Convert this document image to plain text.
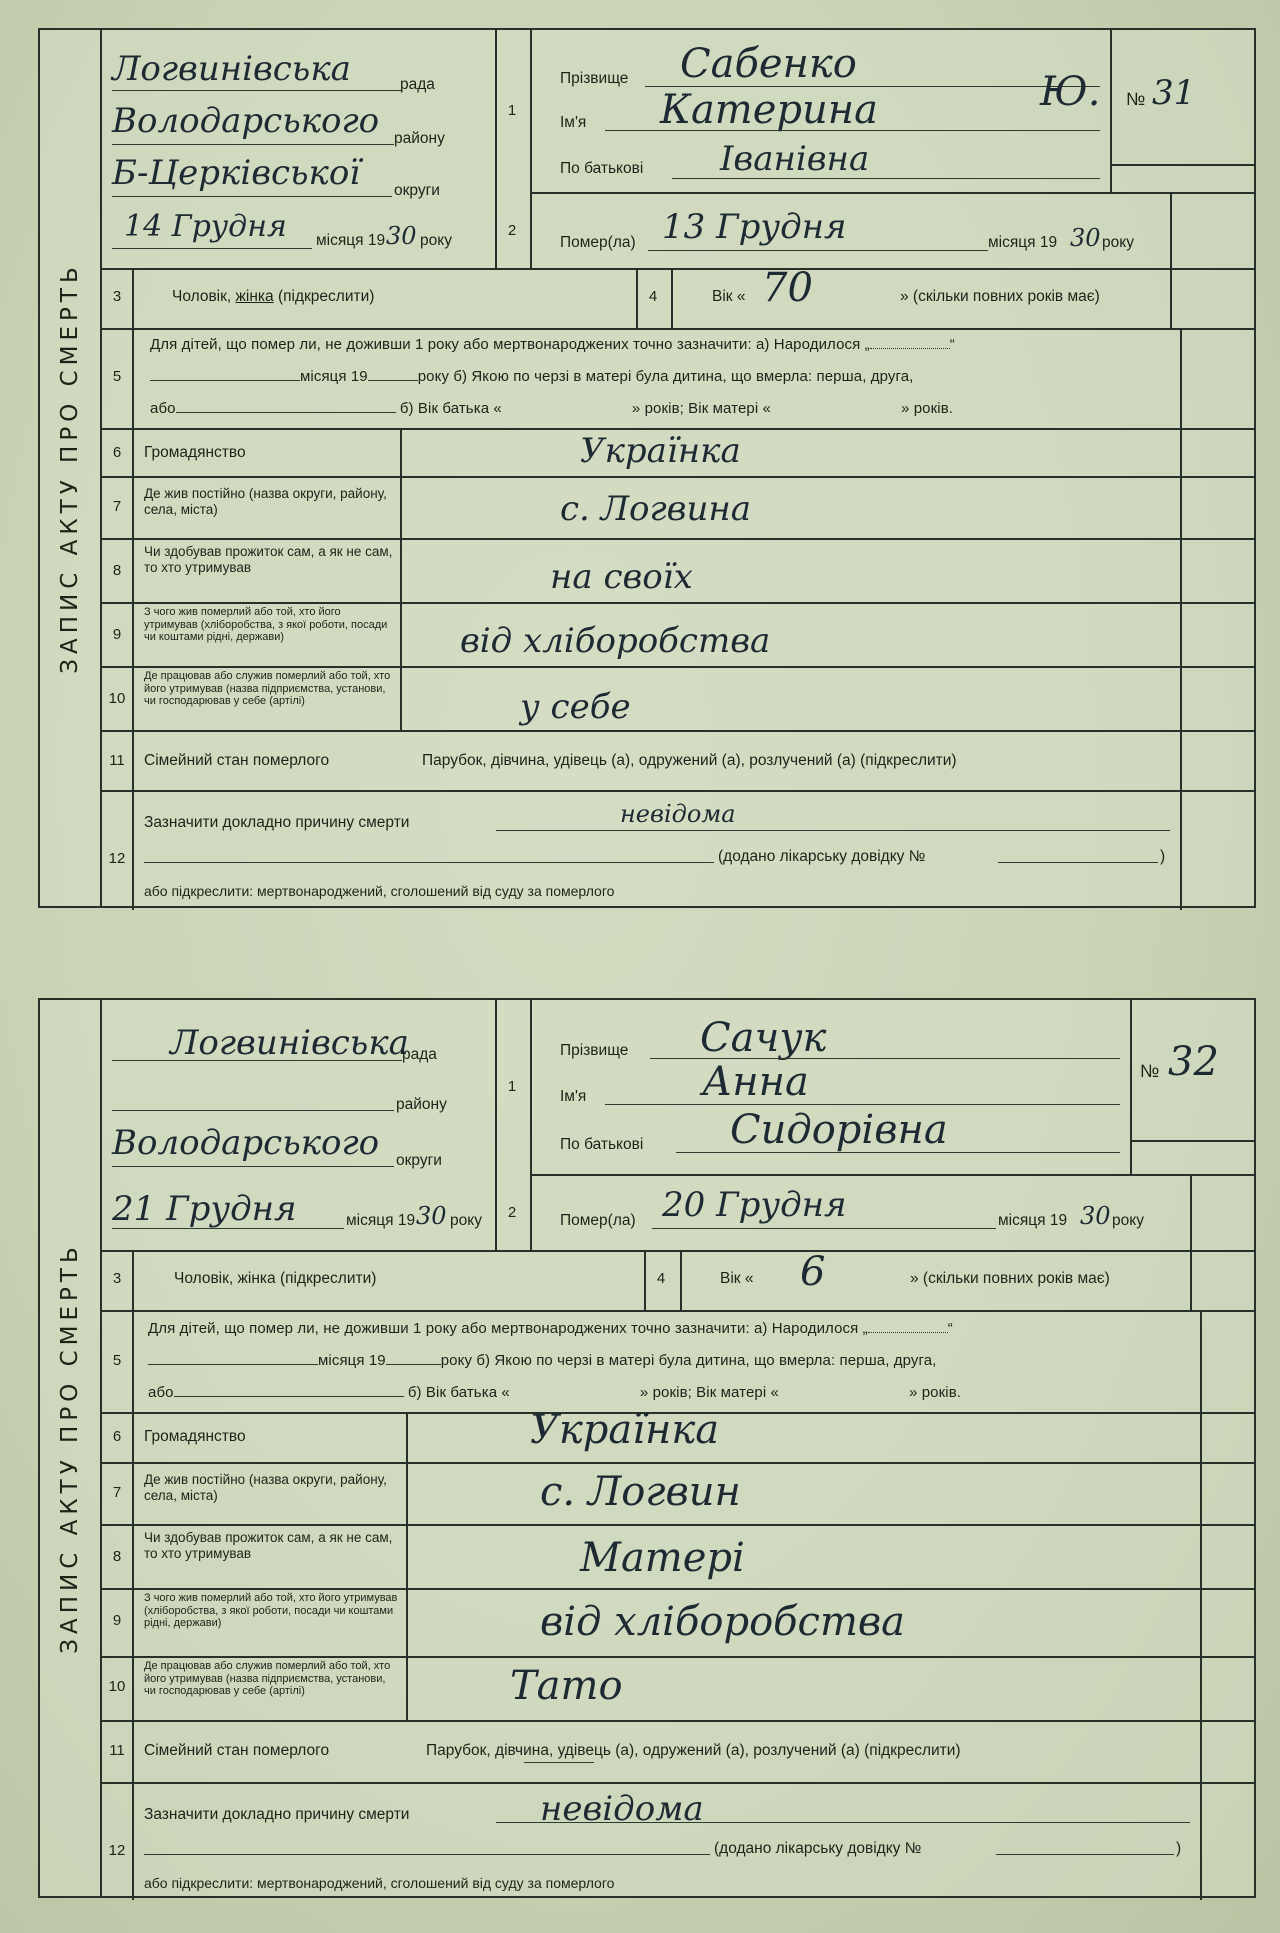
ЗАПИС АКТУ ПРО СМЕРТЬ
Логвинівська	рада
Володарського району
Б-Церківської округи
14 Грудня місяця 19 30 року
1
2
Прізвище Сабенко
Ім'я Катерина	Ю.
По батькові Іванівна
№ 31
Помер(ла) 13 Грудня	місяця 19 30 року
3	Чоловік, жінка (підкреслити)	4	Вік « 70	» (скільки повних років має)
5
Для дітей, що помер ли, не доживши 1 року або мертвонароджених точно зазначити: а) Народилося „	“
місяця 19	року б) Якою по черзі в матері була дитина, що вмерла: перша, друга,
або	б) Вік батька «	» років; Вік матері «	» років.
6	Громадянство	Українка
7
Де жив постійно (назва округи, району, села, міста)	с. Логвина
8
Чи здобував прожиток сам, а як не сам, то хто утримував	на своїх
9
З чого жив померлий або той, хто його утримував (хліборобства, з якої роботи, посади чи коштами рідні, держави)	від хліборобства
10
Де працював або служив померлий або той, хто його утримував (назва підприємства, установи, чи господарював у себе (артілі)	у себе
11	Сімейний стан померлого	Парубок, дівчина, удівець (а), одружений (а), розлучений (а) (підкреслити)
12
Зазначити докладно причину смерти	невідома
(додано лікарську довідку №	)
або підкреслити: мертвонароджений, сголошений від суду за померлого
ЗАПИС АКТУ ПРО СМЕРТЬ
Логвинівська
рада
району
Володарського округи
21 Грудня	місяця 19 30 року
1
2
Прізвище Сачук
Ім'я	Анна
По батькові Сидорівна
№ 32
Помер(ла) 20 Грудня	місяця 19 30 року
3	Чоловік, жінка (підкреслити)	4	Вік « 6	» (скільки повних років має)
5
Для дітей, що помер ли, не доживши 1 року або мертвонароджених точно зазначити: а) Народилося „	“
місяця 19	року б) Якою по черзі в матері була дитина, що вмерла: перша, друга,
або	б) Вік батька «	» років; Вік матері «	» років.
6	Громадянство	Українка
7
Де жив постійно (назва округи, району, села, міста)	с. Логвин
8
Чи здобував прожиток сам, а як не сам, то хто утримував	Матері
9
З чого жив померлий або той, хто його утримував (хліборобства, з якої роботи, посади чи коштами рідні, держави)	від хліборобства
10
Де працював або служив померлий або той, хто його утримував (назва підприємства, установи, чи господарював у себе (артілі)	Тато
11	Сімейний стан померлого	Парубок, дівчина, удівець (а), одружений (а), розлучений (а) (підкреслити)
12
Зазначити докладно причину смерти	невідома
(додано лікарську довідку №	)
або підкреслити: мертвонароджений, сголошений від суду за померлого
